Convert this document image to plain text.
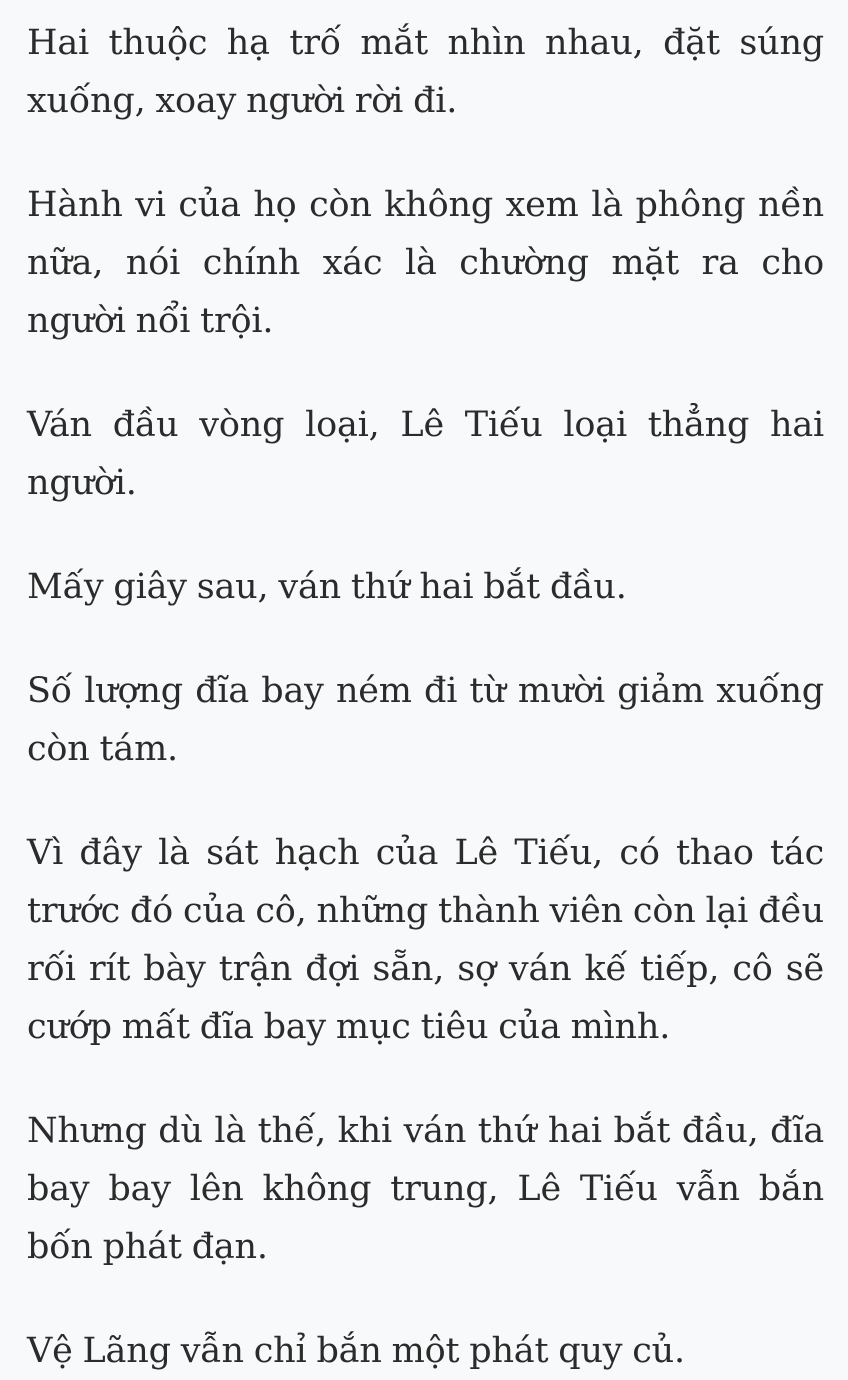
Hai thuộc hạ trố mắt nhìn nhau, đặt súng xuống, xoay người rời đi.

Hành vi của họ còn không xem là phông nền nữa, nói chính xác là chường mặt ra cho người nổi trội.

Ván đầu vòng loại, Lê Tiếu loại thẳng hai người.

Mấy giây sau, ván thứ hai bắt đầu.

Số lượng đĩa bay ném đi từ mười giảm xuống còn tám.

Vì đây là sát hạch của Lê Tiếu, có thao tác trước đó của cô, những thành viên còn lại đều rối rít bày trận đợi sẵn, sợ ván kế tiếp, cô sẽ cướp mất đĩa bay mục tiêu của mình.

Nhưng dù là thế, khi ván thứ hai bắt đầu, đĩa bay bay lên không trung, Lê Tiếu vẫn bắn bốn phát đạn.

Vệ Lãng vẫn chỉ bắn một phát quy củ.
